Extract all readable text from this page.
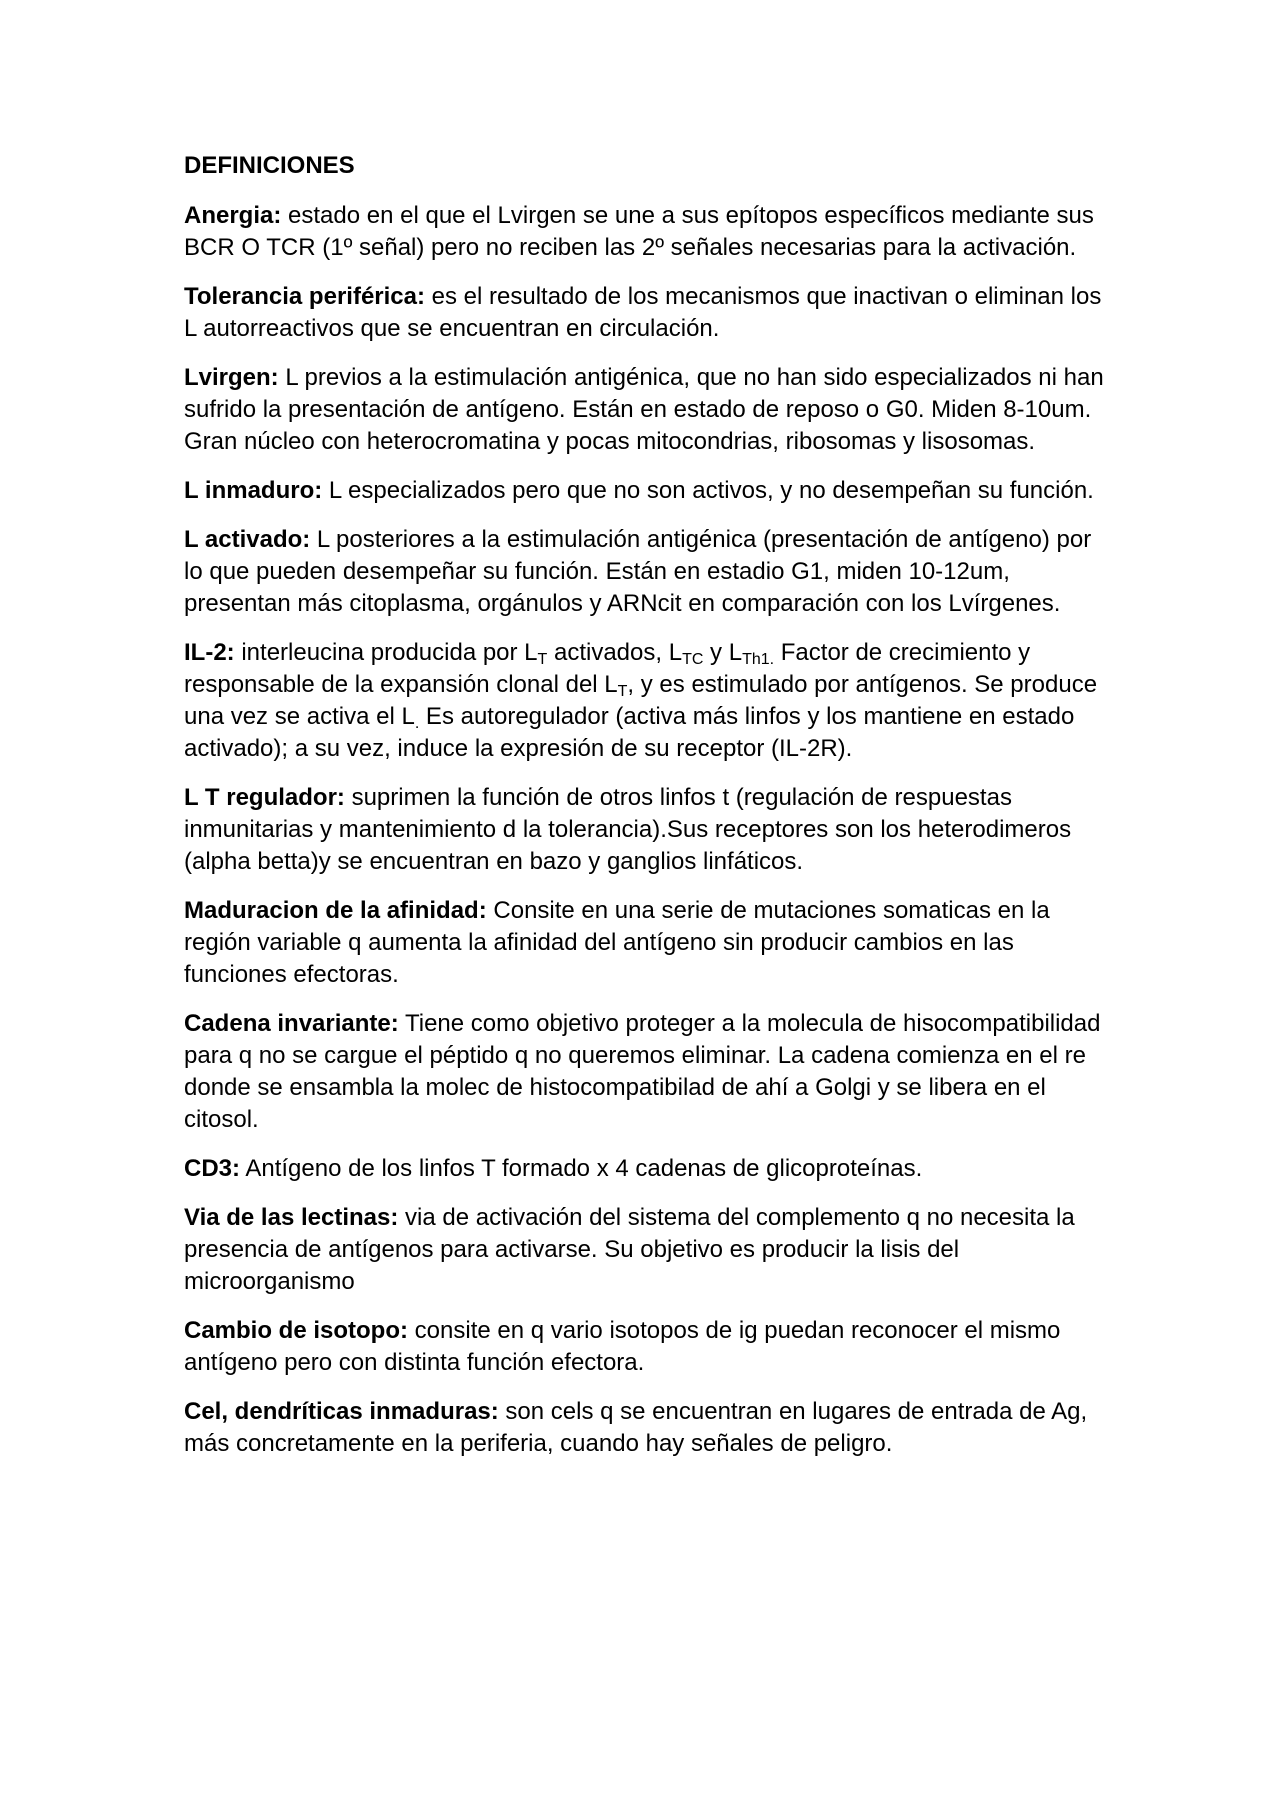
DEFINICIONES

Anergia: estado en el que el Lvirgen se une a sus epítopos específicos mediante sus BCR O TCR (1º señal) pero no reciben las 2º señales necesarias para la activación.

Tolerancia periférica: es el resultado de los mecanismos que inactivan o eliminan los L autorreactivos que se encuentran en circulación.

Lvirgen: L previos a la estimulación antigénica, que no han sido especializados ni han sufrido la presentación de antígeno. Están en estado de reposo o G0. Miden 8-10um. Gran núcleo con heterocromatina y pocas mitocondrias, ribosomas y lisosomas.

L inmaduro: L especializados pero que no son activos, y no desempeñan su función.

L activado: L posteriores a la estimulación antigénica (presentación de antígeno) por lo que pueden desempeñar su función. Están en estadio G1, miden 10-12um, presentan más citoplasma, orgánulos y ARNcit en comparación con los Lvírgenes.

IL-2: interleucina producida por $L_T$ activados, $L_{TC}$ y $L_{Th1.}$ Factor de crecimiento y responsable de la expansión clonal del $L_T$, y es estimulado por antígenos. Se produce una vez se activa el $L_.$ Es autoregulador (activa más linfos y los mantiene en estado activado); a su vez, induce la expresión de su receptor (IL-2R).

L T regulador: suprimen la función de otros linfos t (regulación de respuestas inmunitarias y mantenimiento d la tolerancia).Sus receptores son los heterodimeros (alpha betta)y se encuentran en bazo y ganglios linfáticos.

Maduracion de la afinidad: Consite en una serie de mutaciones somaticas en la región variable q aumenta la afinidad del antígeno sin producir cambios en las funciones efectoras.

Cadena invariante: Tiene como objetivo proteger a la molecula de hisocompatibilidad para q no se cargue el péptido q no queremos eliminar. La cadena comienza en el re donde se ensambla la molec de histocompatibilad de ahí a Golgi y se libera en el citosol.

CD3: Antígeno de los linfos T formado x 4 cadenas de glicoproteínas.

Via de las lectinas: via de activación del sistema del complemento q no necesita la presencia de antígenos para activarse. Su objetivo es producir la lisis del microorganismo

Cambio de isotopo: consite en q vario isotopos de ig puedan reconocer el mismo antígeno pero con distinta función efectora.

Cel, dendríticas inmaduras: son cels q se encuentran en lugares de entrada de Ag, más concretamente en la periferia, cuando hay señales de peligro.
